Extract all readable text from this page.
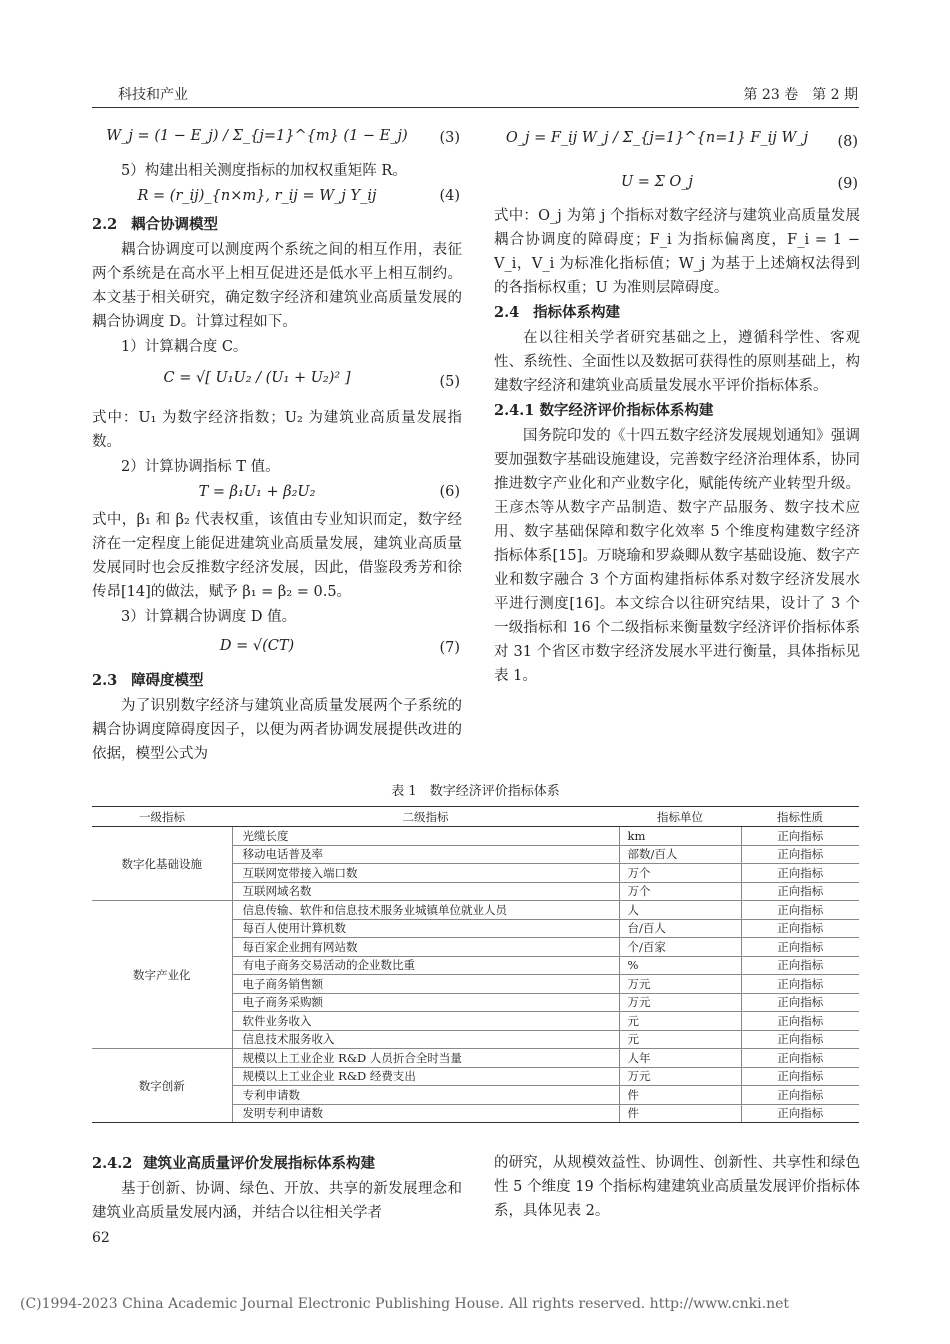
科技和产业	第 23 卷　第 2 期
W_j = (1 − E_j) / Σ_{j=1}^{m} (1 − E_j)	(3)

5）构建出相关测度指标的加权权重矩阵 R。

R = (r_ij)_{n×m}, r_ij = W_j Y_ij	(4)

2.2 耦合协调模型

耦合协调度可以测度两个系统之间的相互作用，表征两个系统是在高水平上相互促进还是低水平上相互制约。本文基于相关研究，确定数字经济和建筑业高质量发展的耦合协调度 D。计算过程如下。

1）计算耦合度 C。

C = √[ U₁U₂ / (U₁ + U₂)² ]	(5)

式中：U₁ 为数字经济指数；U₂ 为建筑业高质量发展指数。

2）计算协调指标 T 值。

T = β₁U₁ + β₂U₂	(6)

式中，β₁ 和 β₂ 代表权重，该值由专业知识而定，数字经济在一定程度上能促进建筑业高质量发展，建筑业高质量发展同时也会反推数字经济发展，因此，借鉴段秀芳和徐传昂[14]的做法，赋予 β₁ = β₂ = 0.5。

3）计算耦合协调度 D 值。

D = √(CT)	(7)

2.3 障碍度模型

为了识别数字经济与建筑业高质量发展两个子系统的耦合协调度障碍度因子，以便为两者协调发展提供改进的依据，模型公式为

O_j = F_ij W_j / Σ_{j=1}^{n=1} F_ij W_j	(8)
U = Σ O_j	(9)

式中：O_j 为第 j 个指标对数字经济与建筑业高质量发展耦合协调度的障碍度；F_i 为指标偏离度，F_i = 1 − V_i，V_i 为标准化指标值；W_j 为基于上述熵权法得到的各指标权重；U 为准则层障碍度。

2.4 指标体系构建

在以往相关学者研究基础之上，遵循科学性、客观性、系统性、全面性以及数据可获得性的原则基础上，构建数字经济和建筑业高质量发展水平评价指标体系。

2.4.1 数字经济评价指标体系构建

国务院印发的《十四五数字经济发展规划通知》强调要加强数字基础设施建设，完善数字经济治理体系，协同推进数字产业化和产业数字化，赋能传统产业转型升级。王彦杰等从数字产品制造、数字产品服务、数字技术应用、数字基础保障和数字化效率 5 个维度构建数字经济指标体系[15]。万晓瑜和罗焱卿从数字基础设施、数字产业和数字融合 3 个方面构建指标体系对数字经济发展水平进行测度[16]。本文综合以往研究结果，设计了 3 个一级指标和 16 个二级指标来衡量数字经济评价指标体系对 31 个省区市数字经济发展水平进行衡量，具体指标见表 1。

表 1　数字经济评价指标体系
一级指标	二级指标	指标单位	指标性质
数字化基础设施	光缆长度	km	正向指标
	移动电话普及率	部数/百人	正向指标
	互联网宽带接入端口数	万个	正向指标
	互联网域名数	万个	正向指标
数字产业化	信息传输、软件和信息技术服务业城镇单位就业人员	人	正向指标
	每百人使用计算机数	台/百人	正向指标
	每百家企业拥有网站数	个/百家	正向指标
	有电子商务交易活动的企业数比重	%	正向指标
	电子商务销售额	万元	正向指标
	电子商务采购额	万元	正向指标
	软件业务收入	元	正向指标
	信息技术服务收入	元	正向指标
数字创新	规模以上工业企业 R&D 人员折合全时当量	人年	正向指标
	规模以上工业企业 R&D 经费支出	万元	正向指标
	专利申请数	件	正向指标
	发明专利申请数	件	正向指标

2.4.2 建筑业高质量评价发展指标体系构建

基于创新、协调、绿色、开放、共享的新发展理念和建筑业高质量发展内涵，并结合以往相关学者

的研究，从规模效益性、协调性、创新性、共享性和绿色性 5 个维度 19 个指标构建建筑业高质量发展评价指标体系，具体见表 2。

62
(C)1994-2023 China Academic Journal Electronic Publishing House. All rights reserved. http://www.cnki.net
